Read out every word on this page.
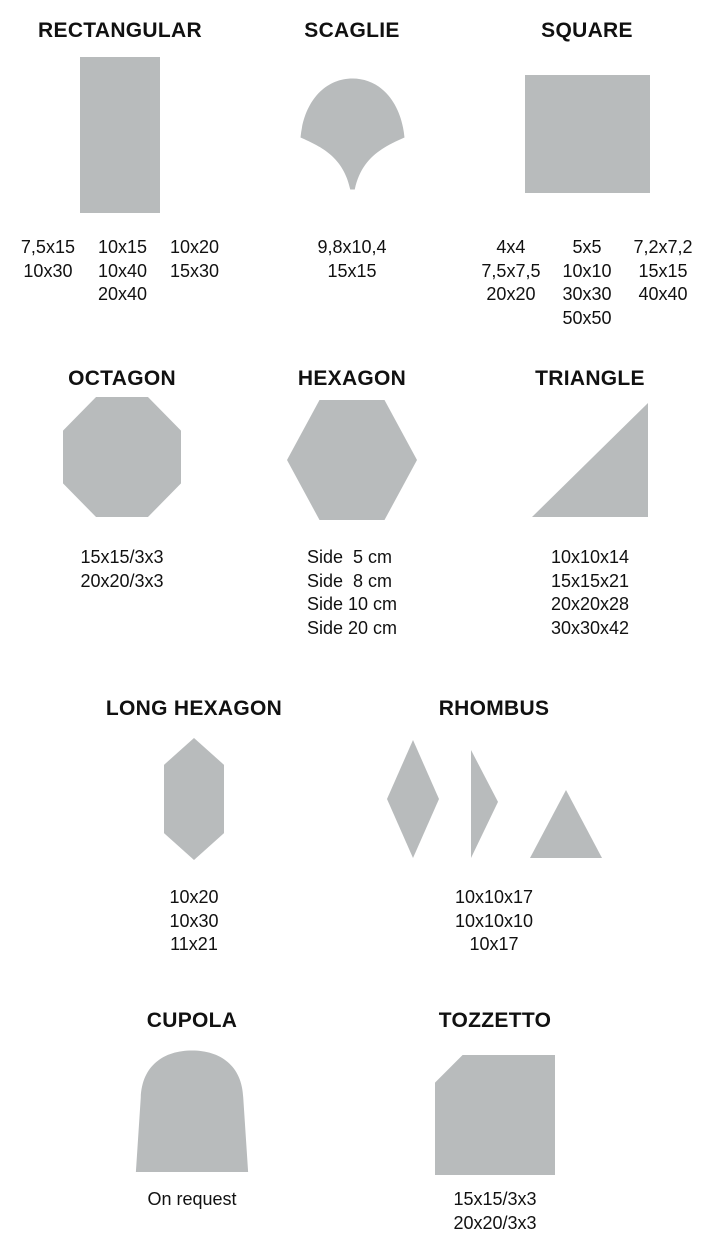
RECTANGULAR
7,5x15
10x30
10x15
10x40
20x40
10x20
15x30
SCAGLIE
9,8x10,4
15x15
SQUARE
4x4
7,5x7,5
20x20
5x5
10x10
30x30
50x50
7,2x7,2
15x15
40x40
OCTAGON
15x15/3x3
20x20/3x3
HEXAGON
Side  5 cm
Side  8 cm
Side 10 cm
Side 20 cm
TRIANGLE
10x10x14
15x15x21
20x20x28
30x30x42
LONG HEXAGON
10x20
10x30
11x21
RHOMBUS
10x10x17
10x10x10
10x17
CUPOLA
On request
TOZZETTO
15x15/3x3
20x20/3x3
